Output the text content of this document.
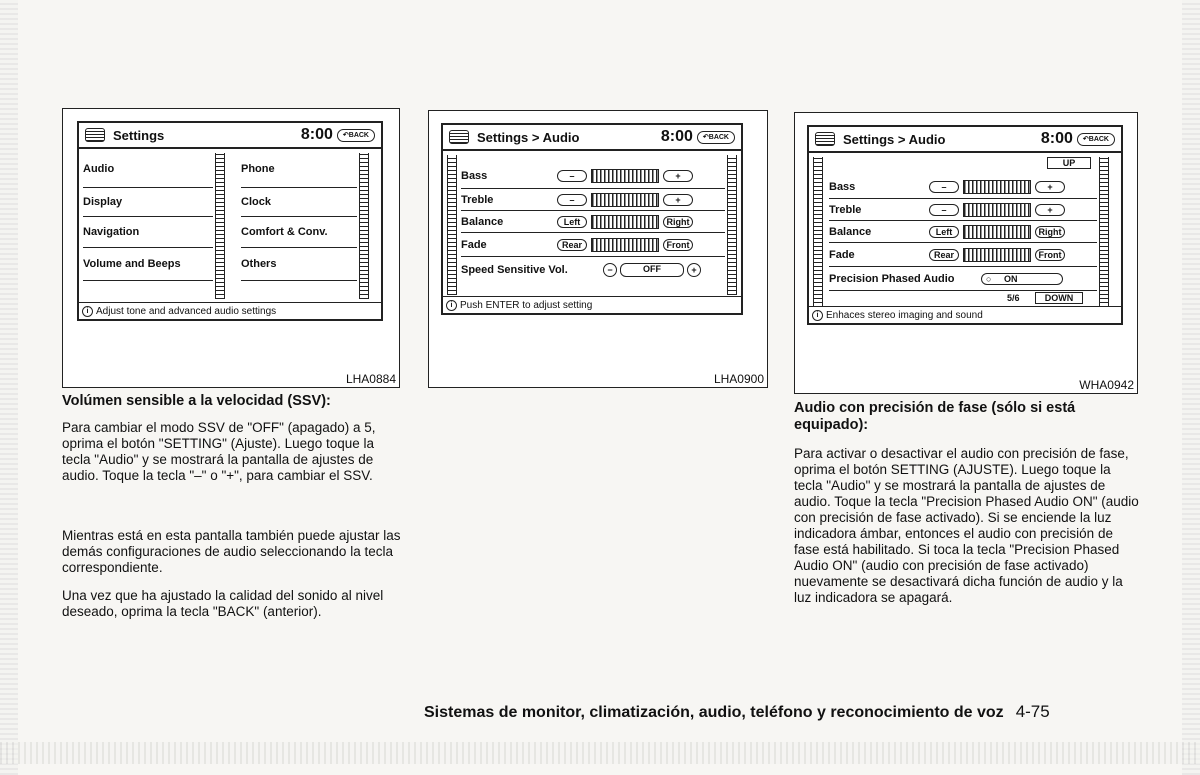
Settings	8:00	↶BACK
Audio
Display
Navigation
Volume and Beeps
Phone
Clock
Comfort & Conv.
Others
i Adjust tone and advanced audio settings
LHA0884
Settings > Audio	8:00	↶BACK
Bass	–	+
Treble	–	+
Balance	Left	Right
Fade	Rear	Front
Speed Sensitive Vol.	−	OFF	+
i Push ENTER to adjust setting
LHA0900
Settings > Audio	8:00	↶BACK
UP
Bass	–	+
Treble	–	+
Balance	Left	Right
Fade	Rear	Front
Precision Phased Audio	○ ON
5/6	DOWN
i Enhaces stereo imaging and sound
WHA0942
Volúmen sensible a la velocidad (SSV):

Para cambiar el modo SSV de "OFF" (apagado) a 5, oprima el botón "SETTING" (Ajuste). Luego toque la tecla "Audio" y se mostrará la pantalla de ajustes de audio. Toque la tecla "–" o "+", para cambiar el SSV.

Mientras está en esta pantalla también puede ajustar las demás configuraciones de audio seleccionando la tecla correspondiente.

Una vez que ha ajustado la calidad del sonido al nivel deseado, oprima la tecla "BACK" (anterior).

Audio con precisión de fase (sólo si está equipado):

Para activar o desactivar el audio con precisión de fase, oprima el botón SETTING (AJUSTE). Luego toque la tecla "Audio" y se mostrará la pantalla de ajustes de audio. Toque la tecla "Precision Phased Audio ON" (audio con precisión de fase activado). Si se enciende la luz indicadora ámbar, entonces el audio con precisión de fase está habilitado. Si toca la tecla "Precision Phased Audio ON" (audio con precisión de fase activado) nuevamente se desactivará dicha función de audio y la luz indicadora se apagará.

Sistemas de monitor, climatización, audio, teléfono y reconocimiento de voz 4-75
